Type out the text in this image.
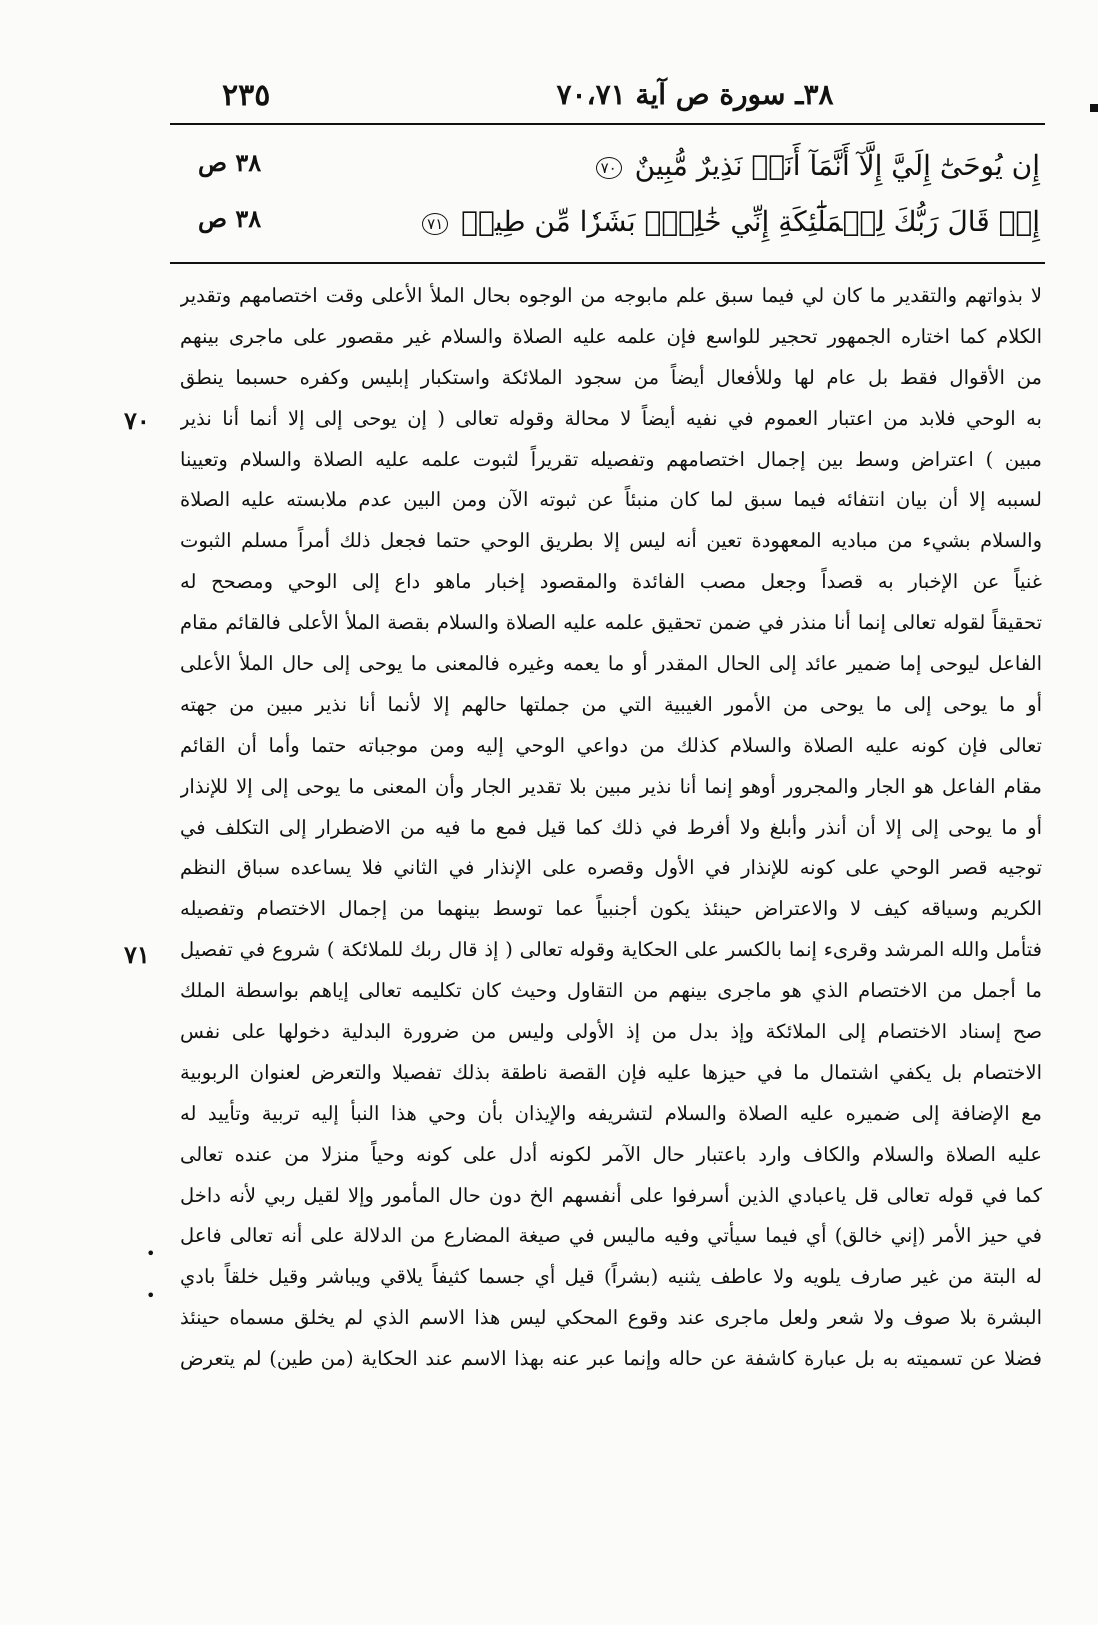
٢٣٥	٣٨ـ سورة ص آية ٧٠،٧١
إِن يُوحَىٰٓ إِلَيَّ إِلَّآ أَنَّمَآ أَنَا۠ نَذِيرٌ مُّبِينٌ ٧٠
٣٨ ص
إِذۡ قَالَ رَبُّكَ لِلۡمَلَٰٓئِكَةِ إِنِّي خَٰلِقُۢ بَشَرٗا مِّن طِينٖ ٧١
٣٨ ص
٧٠
٧١
•
•
لا بذواتهم والتقدير ما كان لي فيما سبق علم مابوجه من الوجوه بحال الملأ الأعلى وقت اختصامهم وتقدير
الكلام كما اختاره الجمهور تحجير للواسع فإن علمه عليه الصلاة والسلام غير مقصور على ماجرى بينهم
من الأقوال فقط بل عام لها وللأفعال أيضاً من سجود الملائكة واستكبار إبليس وكفره حسبما ينطق
به الوحي فلابد من اعتبار العموم في نفيه أيضاً لا محالة وقوله تعالى ( إن يوحى إلى إلا أنما أنا نذير
مبين ) اعتراض وسط بين إجمال اختصامهم وتفصيله تقريراً لثبوت علمه عليه الصلاة والسلام وتعيينا
لسببه إلا أن بيان انتفائه فيما سبق لما كان منبئاً عن ثبوته الآن ومن البين عدم ملابسته عليه الصلاة
والسلام بشيء من مباديه المعهودة تعين أنه ليس إلا بطريق الوحي حتما فجعل ذلك أمراً مسلم الثبوت
غنياً عن الإخبار به قصداً وجعل مصب الفائدة والمقصود إخبار ماهو داع إلى الوحي ومصحح له
تحقيقاً لقوله تعالى إنما أنا منذر في ضمن تحقيق علمه عليه الصلاة والسلام بقصة الملأ الأعلى فالقائم مقام
الفاعل ليوحى إما ضمير عائد إلى الحال المقدر أو ما يعمه وغيره فالمعنى ما يوحى إلى حال الملأ الأعلى
أو ما يوحى إلى ما يوحى من الأمور الغيبية التي من جملتها حالهم إلا لأنما أنا نذير مبين من جهته
تعالى فإن كونه عليه الصلاة والسلام كذلك من دواعي الوحي إليه ومن موجباته حتما وأما أن القائم
مقام الفاعل هو الجار والمجرور أوهو إنما أنا نذير مبين بلا تقدير الجار وأن المعنى ما يوحى إلى إلا للإنذار
أو ما يوحى إلى إلا أن أنذر وأبلغ ولا أفرط في ذلك كما قيل فمع ما فيه من الاضطرار إلى التكلف في
توجيه قصر الوحي على كونه للإنذار في الأول وقصره على الإنذار في الثاني فلا يساعده سباق النظم
الكريم وسياقه كيف لا والاعتراض حينئذ يكون أجنبياً عما توسط بينهما من إجمال الاختصام وتفصيله
فتأمل والله المرشد وقرىء إنما بالكسر على الحكاية وقوله تعالى ( إذ قال ربك للملائكة ) شروع في تفصيل
ما أجمل من الاختصام الذي هو ماجرى بينهم من التقاول وحيث كان تكليمه تعالى إياهم بواسطة الملك
صح إسناد الاختصام إلى الملائكة وإذ بدل من إذ الأولى وليس من ضرورة البدلية دخولها على نفس
الاختصام بل يكفي اشتمال ما في حيزها عليه فإن القصة ناطقة بذلك تفصيلا والتعرض لعنوان الربوبية
مع الإضافة إلى ضميره عليه الصلاة والسلام لتشريفه والإيذان بأن وحي هذا النبأ إليه تربية وتأييد له
عليه الصلاة والسلام والكاف وارد باعتبار حال الآمر لكونه أدل على كونه وحياً منزلا من عنده تعالى
كما في قوله تعالى قل ياعبادي الذين أسرفوا على أنفسهم الخ دون حال المأمور وإلا لقيل ربي لأنه داخل
في حيز الأمر (إني خالق) أي فيما سيأتي وفيه ماليس في صيغة المضارع من الدلالة على أنه تعالى فاعل
له البتة من غير صارف يلويه ولا عاطف يثنيه (بشراً) قيل أي جسما كثيفاً يلاقي ويباشر وقيل خلقاً بادي
البشرة بلا صوف ولا شعر ولعل ماجرى عند وقوع المحكي ليس هذا الاسم الذي لم يخلق مسماه حينئذ
فضلا عن تسميته به بل عبارة كاشفة عن حاله وإنما عبر عنه بهذا الاسم عند الحكاية (من طين) لم يتعرض
